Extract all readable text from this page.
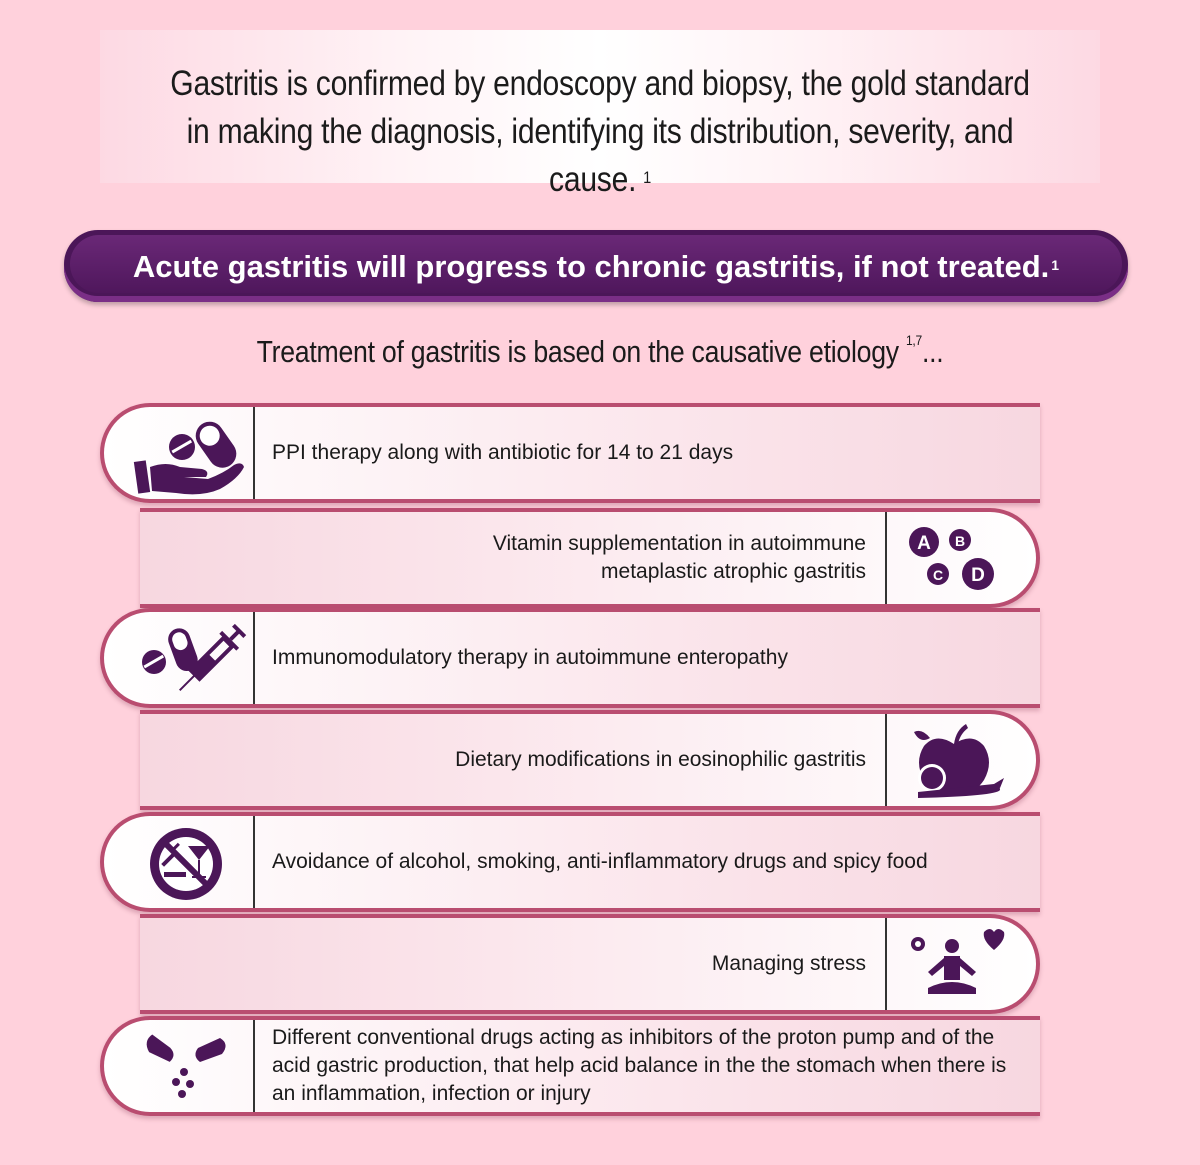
Gastritis is confirmed by endoscopy and biopsy, the gold standard in making the diagnosis, identifying its distribution, severity, and cause. $^1$

Acute gastritis will progress to chronic gastritis, if not treated. $^1$

Treatment of gastritis is based on the causative etiology $^{1,7}$...
PPI therapy along with antibiotic for 14 to 21 days
A B
C D
Vitamin supplementation in autoimmune metaplastic atrophic gastritis
Immunomodulatory therapy in autoimmune enteropathy
Dietary modifications in eosinophilic gastritis
Avoidance of alcohol, smoking, anti-inflammatory drugs and spicy food
Managing stress
Different conventional drugs acting as inhibitors of the proton pump and of the acid gastric production, that help acid balance in the the stomach when there is an inflammation, infection or injury
